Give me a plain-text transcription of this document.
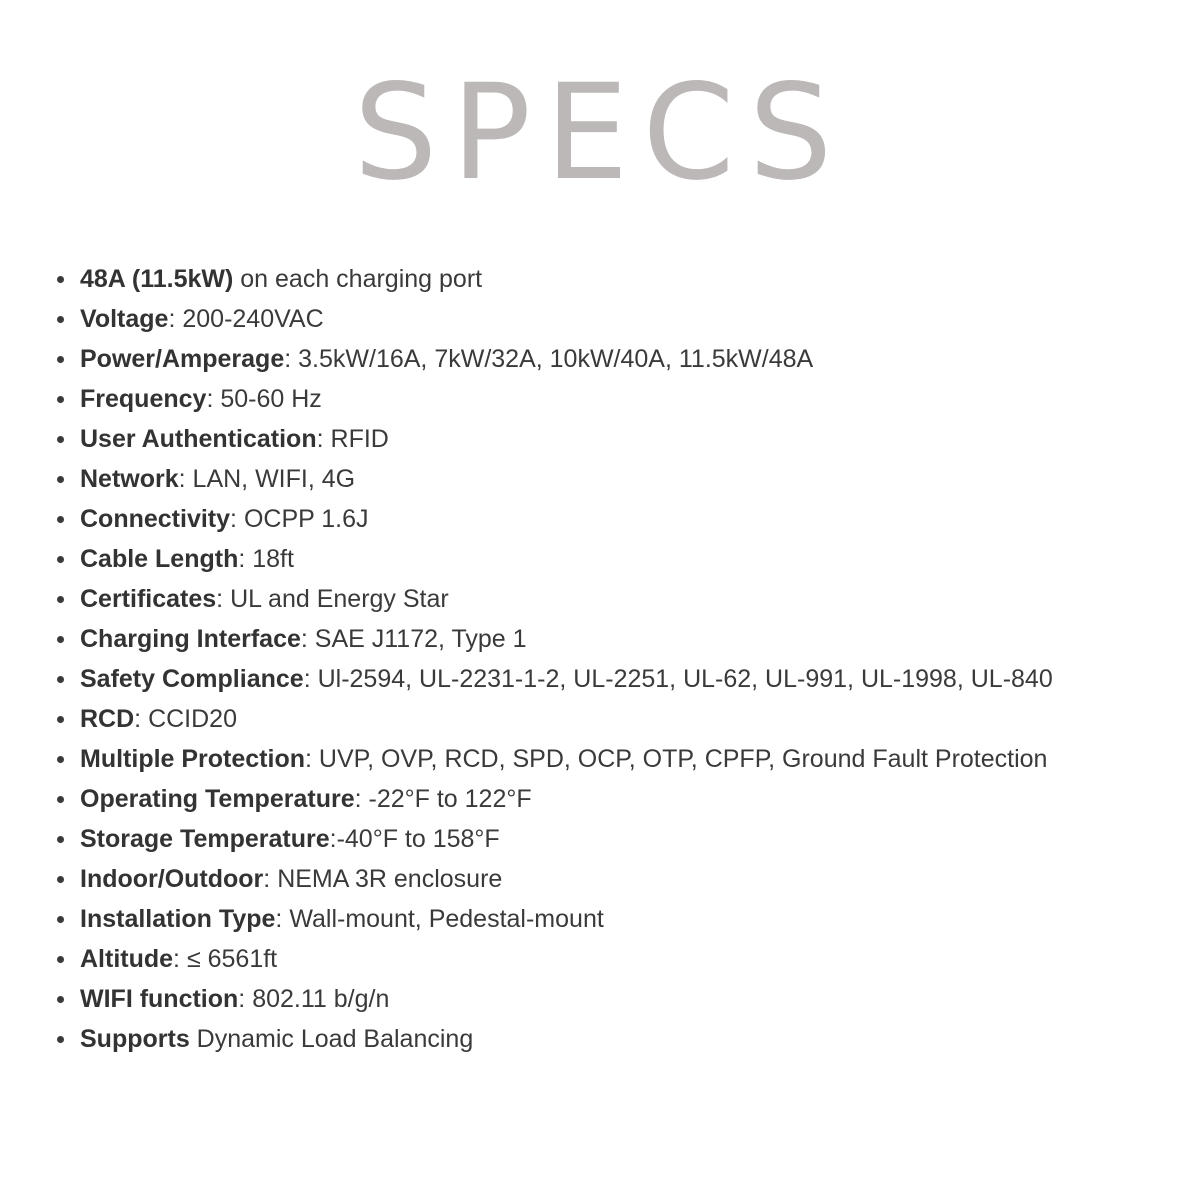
SPECS
48A (11.5kW) on each charging port
Voltage: 200-240VAC
Power/Amperage: 3.5kW/16A, 7kW/32A, 10kW/40A, 11.5kW/48A
Frequency: 50-60 Hz
User Authentication: RFID
Network: LAN, WIFI, 4G
Connectivity: OCPP 1.6J
Cable Length: 18ft
Certificates: UL and Energy Star
Charging Interface: SAE J1172, Type 1
Safety Compliance: Ul-2594, UL-2231-1-2, UL-2251, UL-62, UL-991, UL-1998, UL-840
RCD: CCID20
Multiple Protection: UVP, OVP, RCD, SPD, OCP, OTP, CPFP, Ground Fault Protection
Operating Temperature: -22°F to 122°F
Storage Temperature:-40°F to 158°F
Indoor/Outdoor: NEMA 3R enclosure
Installation Type: Wall-mount, Pedestal-mount
Altitude: ≤ 6561ft
WIFI function: 802.11 b/g/n
Supports Dynamic Load Balancing
